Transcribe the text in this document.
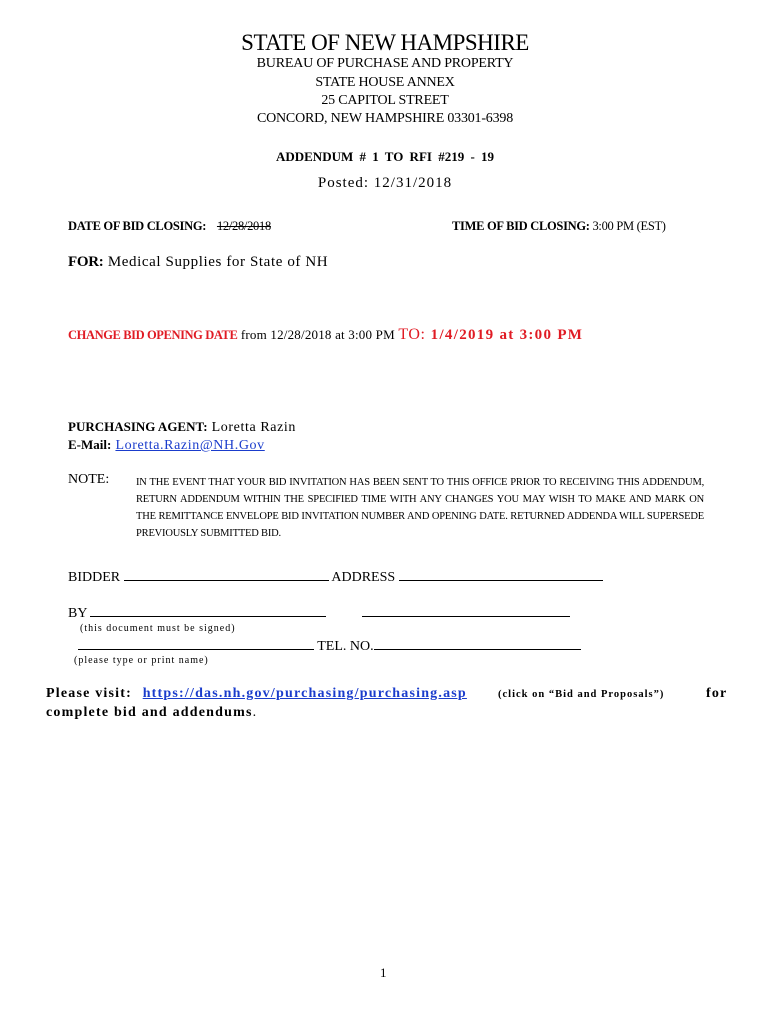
STATE OF NEW HAMPSHIRE
BUREAU OF PURCHASE AND PROPERTY
STATE HOUSE ANNEX
25 CAPITOL STREET
CONCORD, NEW HAMPSHIRE 03301-6398
ADDENDUM # 1 TO RFI #219 - 19
Posted: 12/31/2018
DATE OF BID CLOSING: 12/28/2018	TIME OF BID CLOSING: 3:00 PM (EST)
FOR: Medical Supplies for State of NH
CHANGE BID OPENING DATE from 12/28/2018 at 3:00 PM TO: 1/4/2019 at 3:00 PM
PURCHASING AGENT: Loretta Razin
E-Mail: Loretta.Razin@NH.Gov
NOTE:	IN THE EVENT THAT YOUR BID INVITATION HAS BEEN SENT TO THIS OFFICE PRIOR TO RECEIVING THIS ADDENDUM, RETURN ADDENDUM WITHIN THE SPECIFIED TIME WITH ANY CHANGES YOU MAY WISH TO MAKE AND MARK ON THE REMITTANCE ENVELOPE BID INVITATION NUMBER AND OPENING DATE. RETURNED ADDENDA WILL SUPERSEDE PREVIOUSLY SUBMITTED BID.
BIDDER	ADDRESS
BY
(this document must be signed)
TEL. NO.
(please type or print name)
Please visit: https://das.nh.gov/purchasing/purchasing.asp	(click on “Bid and Proposals”)	for
complete bid and addendums.
1
